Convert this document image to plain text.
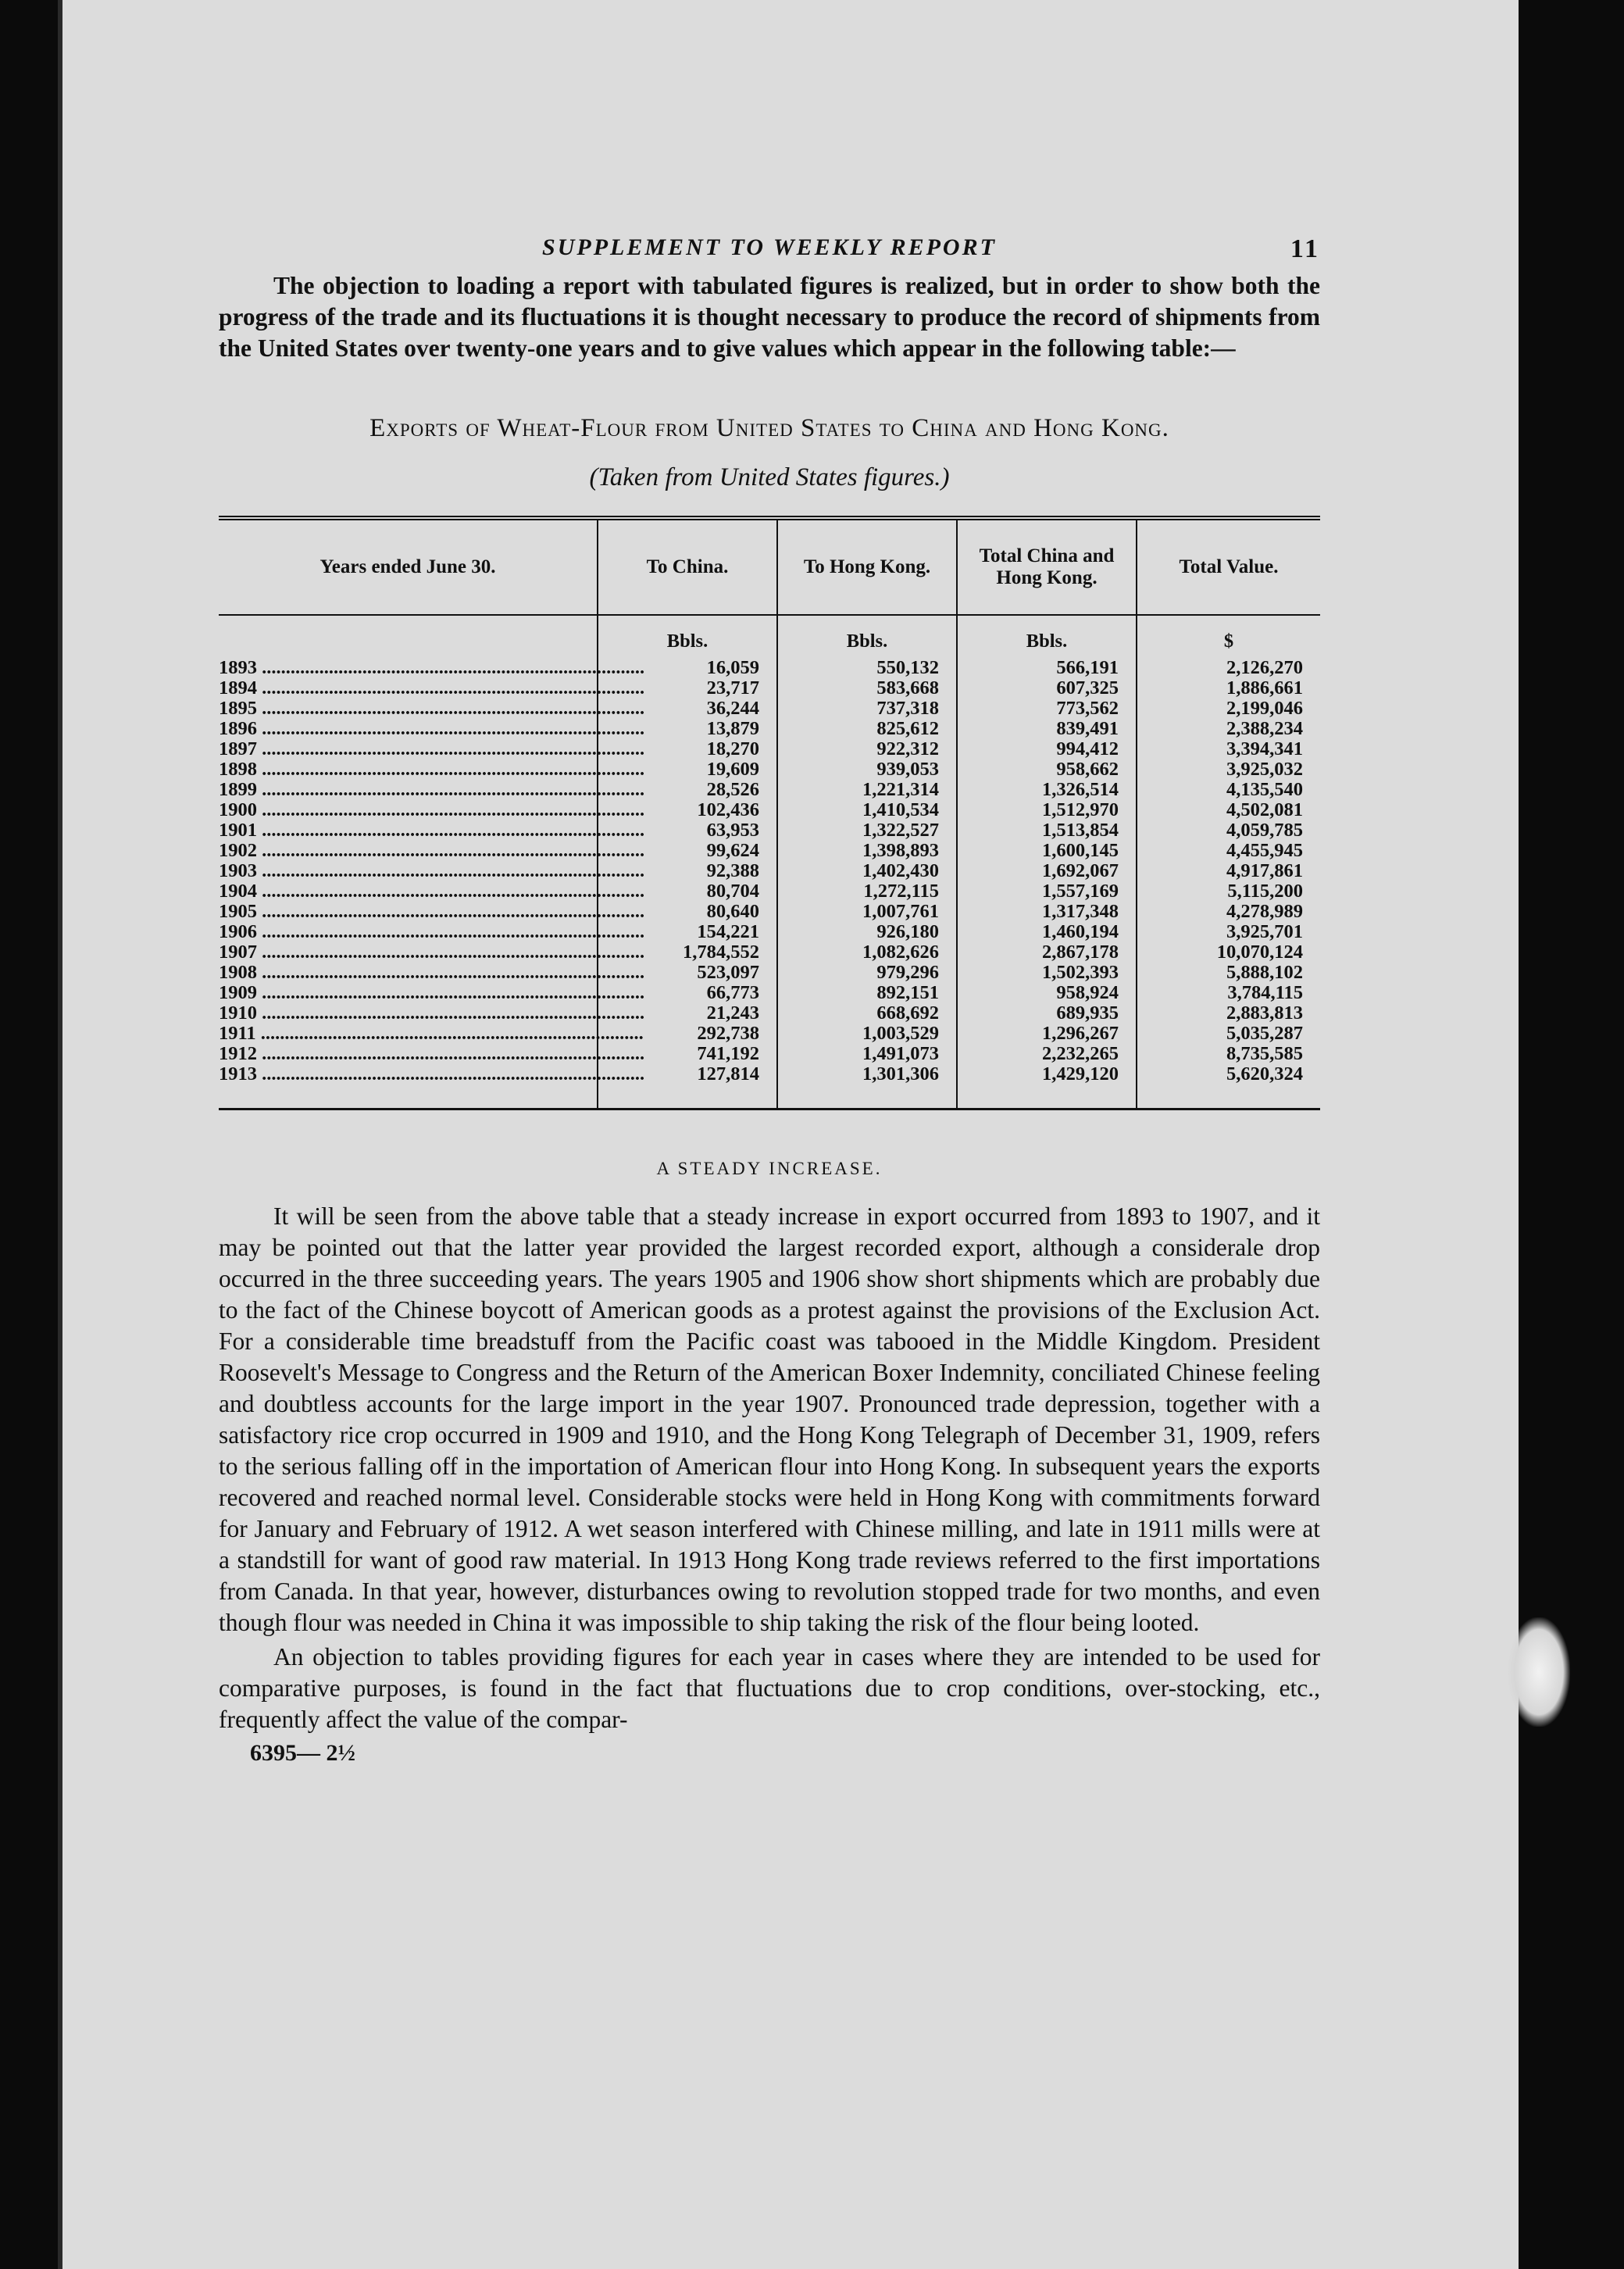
SUPPLEMENT TO WEEKLY REPORT	11

The objection to loading a report with tabulated figures is realized, but in order to show both the progress of the trade and its fluctuations it is thought necessary to produce the record of shipments from the United States over twenty-one years and to give values which appear in the following table:—

Exports of Wheat-Flour from United States to China and Hong Kong.
(Taken from United States figures.)
Years ended June 30.	To China.	To Hong Kong.	Total China and Hong Kong.	Total Value.
	Bbls.	Bbls.	Bbls.	$

1893 ................................................................................	16,059	550,132	566,191	2,126,270

1894 ................................................................................	23,717	583,668	607,325	1,886,661

1895 ................................................................................	36,244	737,318	773,562	2,199,046

1896 ................................................................................	13,879	825,612	839,491	2,388,234

1897 ................................................................................	18,270	922,312	994,412	3,394,341

1898 ................................................................................	19,609	939,053	958,662	3,925,032

1899 ................................................................................	28,526	1,221,314	1,326,514	4,135,540

1900 ................................................................................	102,436	1,410,534	1,512,970	4,502,081

1901 ................................................................................	63,953	1,322,527	1,513,854	4,059,785

1902 ................................................................................	99,624	1,398,893	1,600,145	4,455,945

1903 ................................................................................	92,388	1,402,430	1,692,067	4,917,861

1904 ................................................................................	80,704	1,272,115	1,557,169	5,115,200

1905 ................................................................................	80,640	1,007,761	1,317,348	4,278,989

1906 ................................................................................	154,221	926,180	1,460,194	3,925,701

1907 ................................................................................	1,784,552	1,082,626	2,867,178	10,070,124

1908 ................................................................................	523,097	979,296	1,502,393	5,888,102

1909 ................................................................................	66,773	892,151	958,924	3,784,115

1910 ................................................................................	21,243	668,692	689,935	2,883,813

1911 ................................................................................	292,738	1,003,529	1,296,267	5,035,287

1912 ................................................................................	741,192	1,491,073	2,232,265	8,735,585

1913 ................................................................................	127,814	1,301,306	1,429,120	5,620,324
A STEADY INCREASE.

It will be seen from the above table that a steady increase in export occurred from 1893 to 1907, and it may be pointed out that the latter year provided the largest recorded export, although a considerale drop occurred in the three succeeding years. The years 1905 and 1906 show short shipments which are probably due to the fact of the Chinese boycott of American goods as a protest against the provisions of the Exclusion Act. For a considerable time breadstuff from the Pacific coast was tabooed in the Middle Kingdom. President Roosevelt's Message to Congress and the Return of the American Boxer Indemnity, conciliated Chinese feeling and doubtless accounts for the large import in the year 1907. Pronounced trade depression, together with a satisfactory rice crop occurred in 1909 and 1910, and the Hong Kong Telegraph of December 31, 1909, refers to the serious falling off in the importation of American flour into Hong Kong. In subsequent years the exports recovered and reached normal level. Considerable stocks were held in Hong Kong with commitments forward for January and February of 1912. A wet season interfered with Chinese milling, and late in 1911 mills were at a standstill for want of good raw material. In 1913 Hong Kong trade reviews referred to the first importations from Canada. In that year, however, disturbances owing to revolution stopped trade for two months, and even though flour was needed in China it was impossible to ship taking the risk of the flour being looted.

An objection to tables providing figures for each year in cases where they are intended to be used for comparative purposes, is found in the fact that fluctuations due to crop conditions, over-stocking, etc., frequently affect the value of the compar-

6395— 2½
